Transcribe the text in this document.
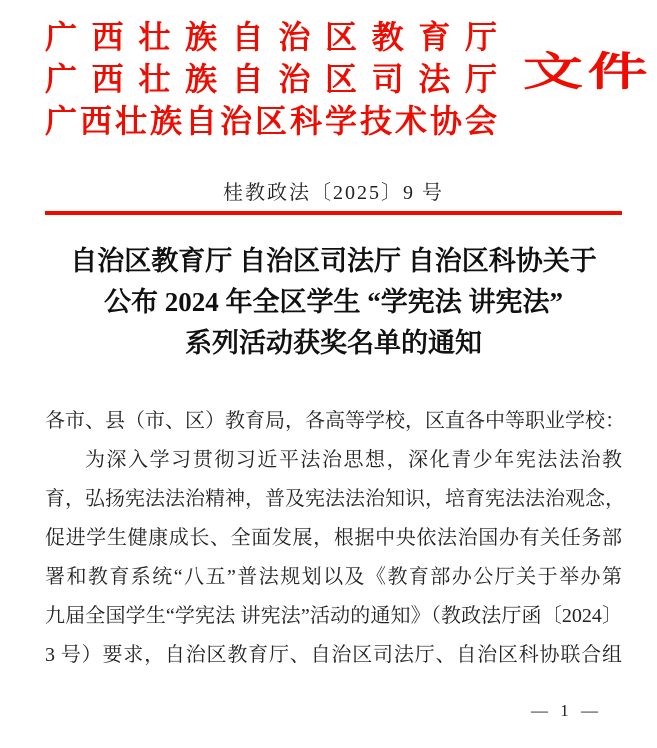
广西壮族自治区教育厅
广西壮族自治区司法厅
广西壮族自治区科学技术协会
文件
桂教政法〔2025〕9 号
自治区教育厅 自治区司法厅 自治区科协关于
公布 2024 年全区学生 “学宪法 讲宪法”
系列活动获奖名单的通知
各市、县（市、区）教育局，各高等学校，区直各中等职业学校：
为深入学习贯彻习近平法治思想，深化青少年宪法法治教
育，弘扬宪法法治精神，普及宪法法治知识，培育宪法法治观念，
促进学生健康成长、全面发展，根据中央依法治国办有关任务部
署和教育系统“八五”普法规划以及《教育部办公厅关于举办第
九届全国学生“学宪法 讲宪法”活动的通知》（教政法厅函〔2024〕
3 号）要求，自治区教育厅、自治区司法厅、自治区科协联合组
— 1 —
